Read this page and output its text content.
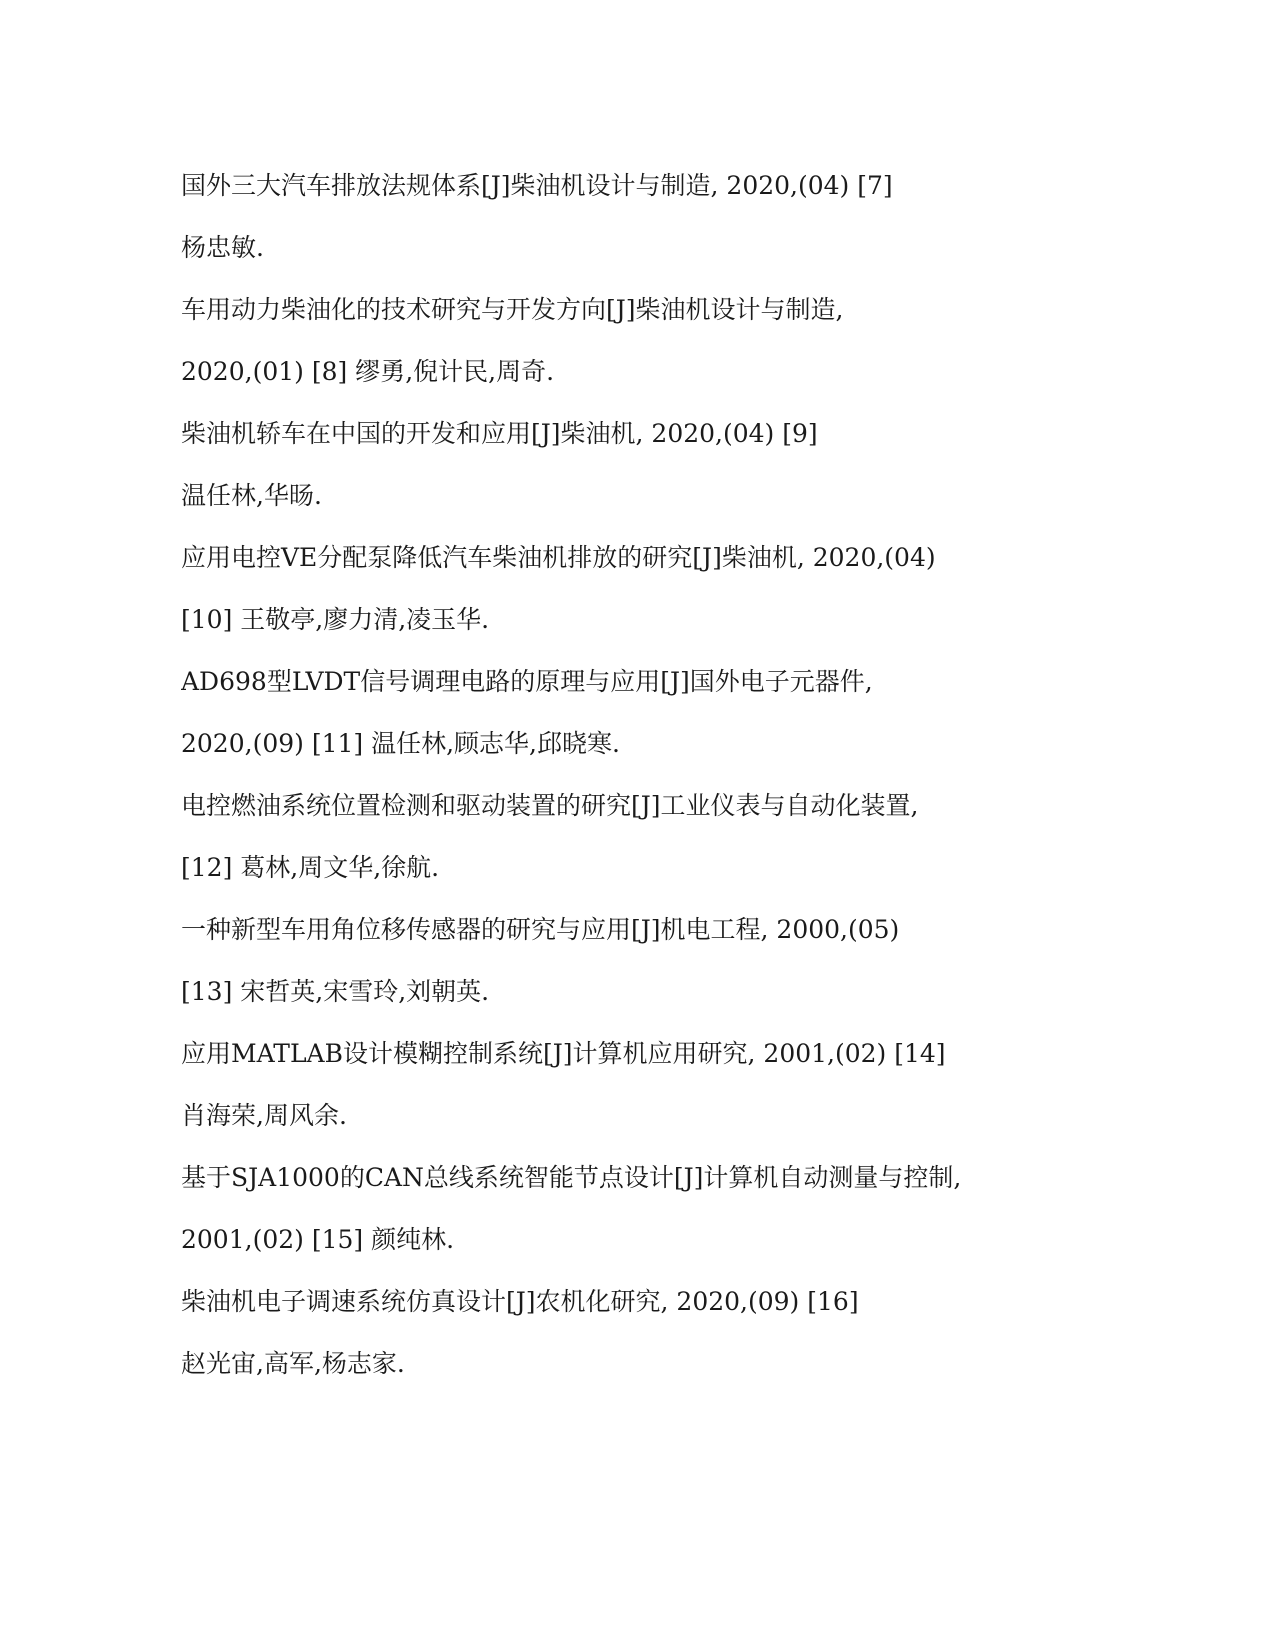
国外三大汽车排放法规体系[J]柴油机设计与制造, 2020,(04) [7]
杨忠敏.
车用动力柴油化的技术研究与开发方向[J]柴油机设计与制造,
2020,(01) [8] 缪勇,倪计民,周奇.
柴油机轿车在中国的开发和应用[J]柴油机, 2020,(04) [9]
温任林,华旸.
应用电控VE分配泵降低汽车柴油机排放的研究[J]柴油机, 2020,(04)
[10] 王敬亭,廖力清,凌玉华.
AD698型LVDT信号调理电路的原理与应用[J]国外电子元器件,
2020,(09) [11] 温任林,顾志华,邱晓寒.
电控燃油系统位置检测和驱动装置的研究[J]工业仪表与自动化装置,
[12] 葛林,周文华,徐航.
一种新型车用角位移传感器的研究与应用[J]机电工程, 2000,(05)
[13] 宋哲英,宋雪玲,刘朝英.
应用MATLAB设计模糊控制系统[J]计算机应用研究, 2001,(02) [14]
肖海荣,周风余.
基于SJA1000的CAN总线系统智能节点设计[J]计算机自动测量与控制,
2001,(02) [15] 颜纯林.
柴油机电子调速系统仿真设计[J]农机化研究, 2020,(09) [16]
赵光宙,高军,杨志家.
